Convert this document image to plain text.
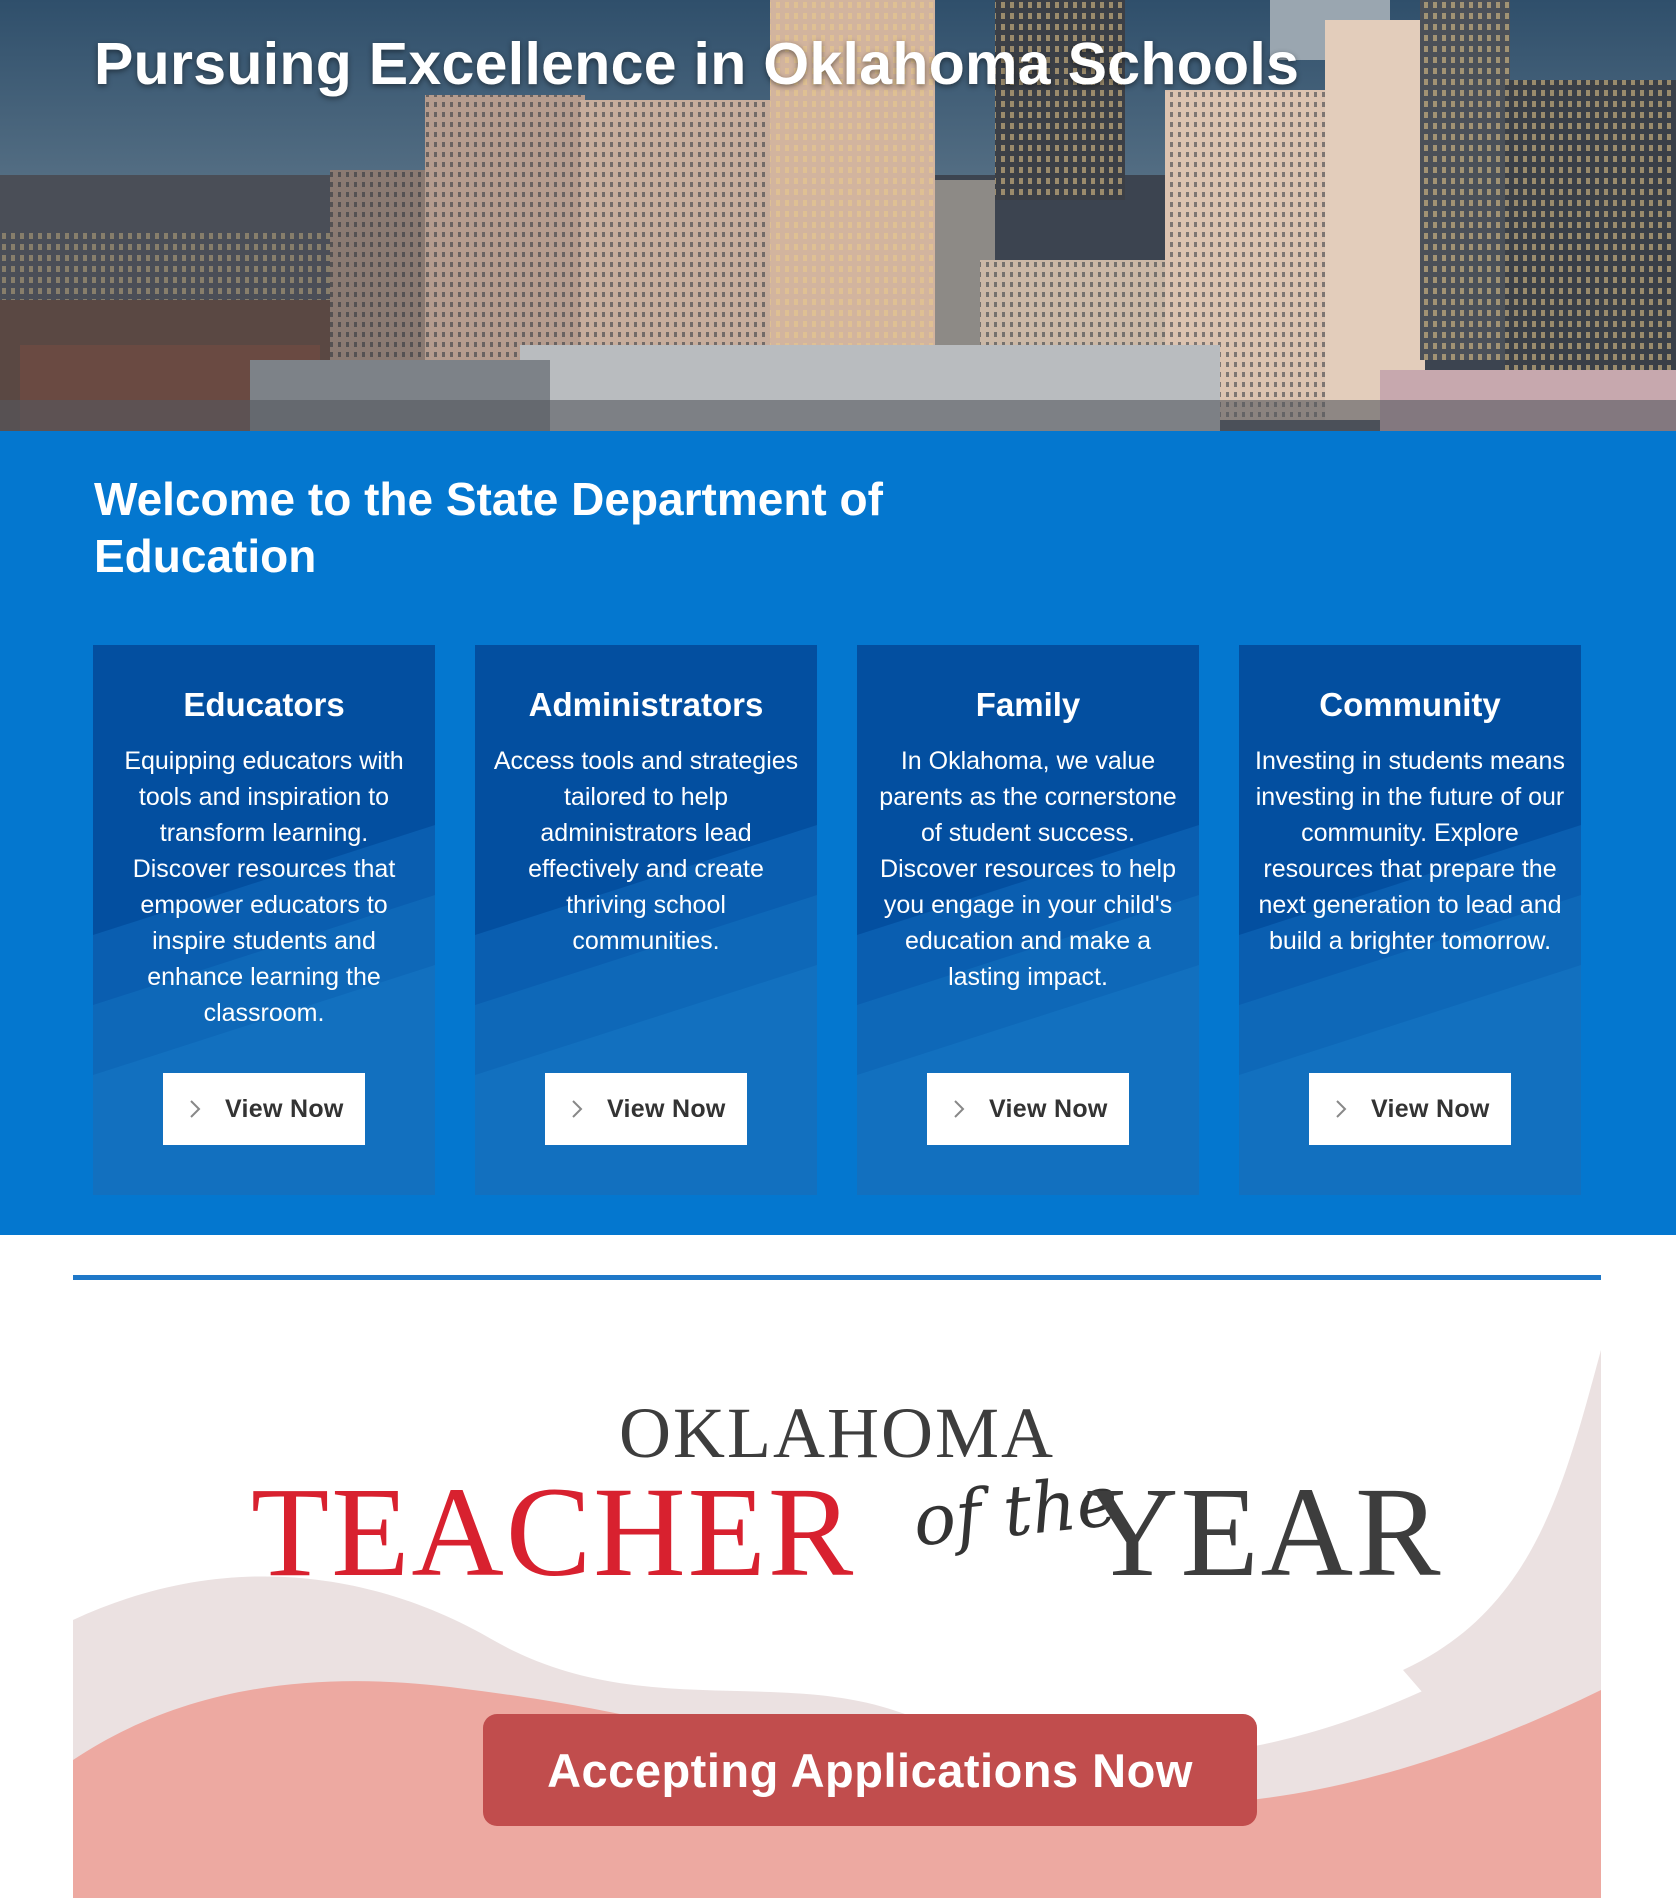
Pursuing Excellence in Oklahoma Schools
Welcome to the State Department of Education
Educators

Equipping educators with tools and inspiration to transform learning. Discover resources that empower educators to inspire students and enhance learning the classroom.

View Now
Administrators

Access tools and strategies tailored to help administrators lead effectively and create thriving school communities.

View Now
Family

In Oklahoma, we value parents as the cornerstone of student success. Discover resources to help you engage in your child's education and make a lasting impact.

View Now
Community

Investing in students means investing in the future of our community. Explore resources that prepare the next generation to lead and build a brighter tomorrow.

View Now

OKLAHOMA

TEACHER of the

YEAR

Accepting Applications Now
